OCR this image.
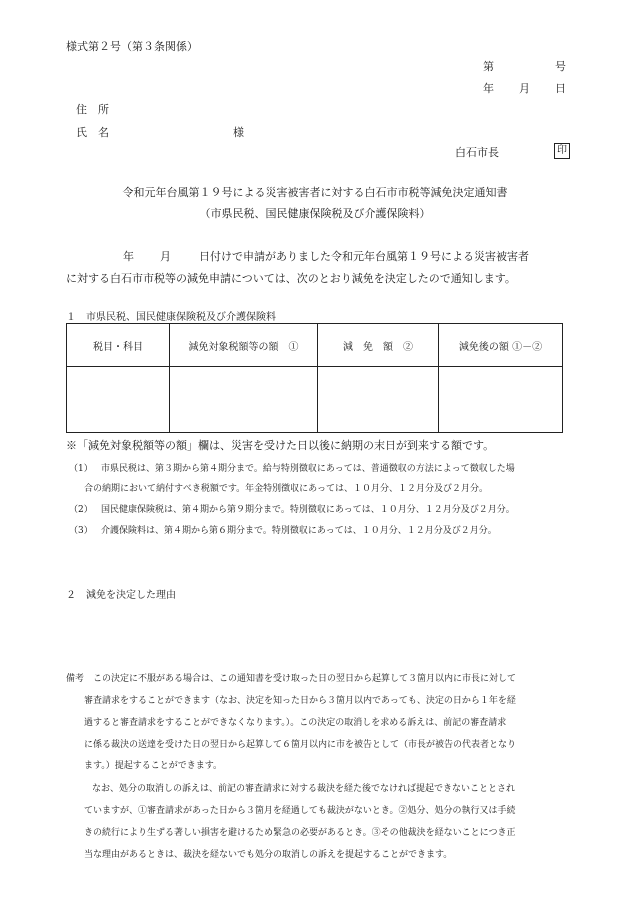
様式第２号（第３条関係）
第	号
年 月 日
住　所
氏　名	様
白石市長	印
令和元年台風第１９号による災害被害者に対する白石市市税等減免決定通知書
（市県民税、国民健康保険税及び介護保険料）
年 月	日付けで申請がありました令和元年台風第１９号による災害被害者
に対する白石市市税等の減免申請については、次のとおり減免を決定したので通知します。
１　市県民税、国民健康保険税及び介護保険料
税目・科目	減免対象税額等の額　①	減　免　額　②	減免後の額 ①－②

※「減免対象税額等の額」欄は、災害を受けた日以後に納期の末日が到来する額です。
（1） 市県民税は、第３期から第４期分まで。給与特別徴収にあっては、普通徴収の方法によって徴収した場
合の納期において納付すべき税額です。年金特別徴収にあっては、１０月分、１２月分及び２月分。
（2） 国民健康保険税は、第４期から第９期分まで。特別徴収にあっては、１０月分、１２月分及び２月分。
（3） 介護保険料は、第４期から第６期分まで。特別徴収にあっては、１０月分、１２月分及び２月分。
２　減免を決定した理由
備考 この決定に不服がある場合は、この通知書を受け取った日の翌日から起算して３箇月以内に市長に対して
審査請求をすることができます（なお、決定を知った日から３箇月以内であっても、決定の日から１年を経
過すると審査請求をすることができなくなります。）。この決定の取消しを求める訴えは、前記の審査請求
に係る裁決の送達を受けた日の翌日から起算して６箇月以内に市を被告として（市長が被告の代表者となり
ます。）提起することができます。
なお、処分の取消しの訴えは、前記の審査請求に対する裁決を経た後でなければ提起できないこととされ
ていますが、①審査請求があった日から３箇月を経過しても裁決がないとき。②処分、処分の執行又は手続
きの続行により生ずる著しい損害を避けるため緊急の必要があるとき。③その他裁決を経ないことにつき正
当な理由があるときは、裁決を経ないでも処分の取消しの訴えを提起することができます。
